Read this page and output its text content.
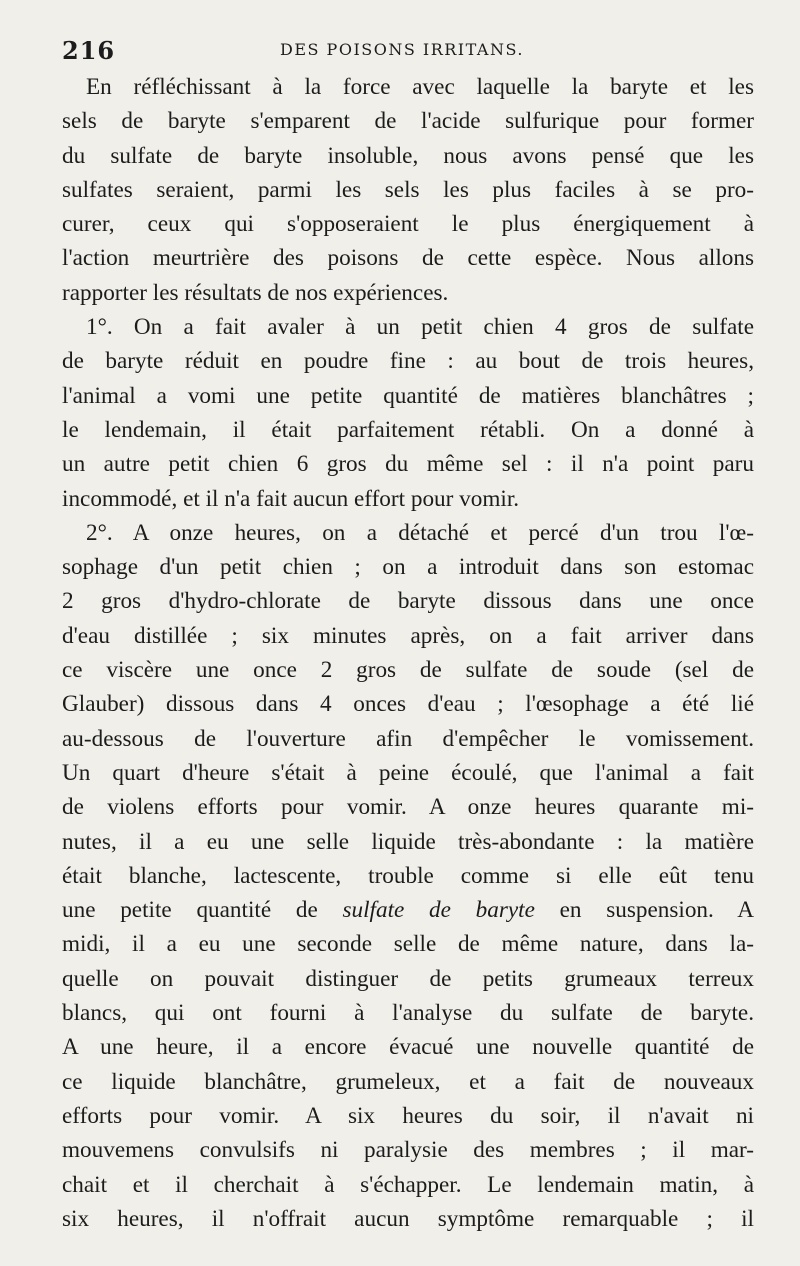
216	DES POISONS IRRITANS.
En réfléchissant à la force avec laquelle la baryte et les
sels de baryte s'emparent de l'acide sulfurique pour former
du sulfate de baryte insoluble, nous avons pensé que les
sulfates seraient, parmi les sels les plus faciles à se pro-
curer, ceux qui s'opposeraient le plus énergiquement à
l'action meurtrière des poisons de cette espèce. Nous allons
rapporter les résultats de nos expériences.
1°. On a fait avaler à un petit chien 4 gros de sulfate
de baryte réduit en poudre fine : au bout de trois heures,
l'animal a vomi une petite quantité de matières blanchâtres ;
le lendemain, il était parfaitement rétabli. On a donné à
un autre petit chien 6 gros du même sel : il n'a point paru
incommodé, et il n'a fait aucun effort pour vomir.
2°. A onze heures, on a détaché et percé d'un trou l'œ-
sophage d'un petit chien ; on a introduit dans son estomac
2 gros d'hydro-chlorate de baryte dissous dans une once
d'eau distillée ; six minutes après, on a fait arriver dans
ce viscère une once 2 gros de sulfate de soude (sel de
Glauber) dissous dans 4 onces d'eau ; l'œsophage a été lié
au-dessous de l'ouverture afin d'empêcher le vomissement.
Un quart d'heure s'était à peine écoulé, que l'animal a fait
de violens efforts pour vomir. A onze heures quarante mi-
nutes, il a eu une selle liquide très-abondante : la matière
était blanche, lactescente, trouble comme si elle eût tenu
une petite quantité de sulfate de baryte en suspension. A
midi, il a eu une seconde selle de même nature, dans la-
quelle on pouvait distinguer de petits grumeaux terreux
blancs, qui ont fourni à l'analyse du sulfate de baryte.
A une heure, il a encore évacué une nouvelle quantité de
ce liquide blanchâtre, grumeleux, et a fait de nouveaux
efforts pour vomir. A six heures du soir, il n'avait ni
mouvemens convulsifs ni paralysie des membres ; il mar-
chait et il cherchait à s'échapper. Le lendemain matin, à
six heures, il n'offrait aucun symptôme remarquable ; il
